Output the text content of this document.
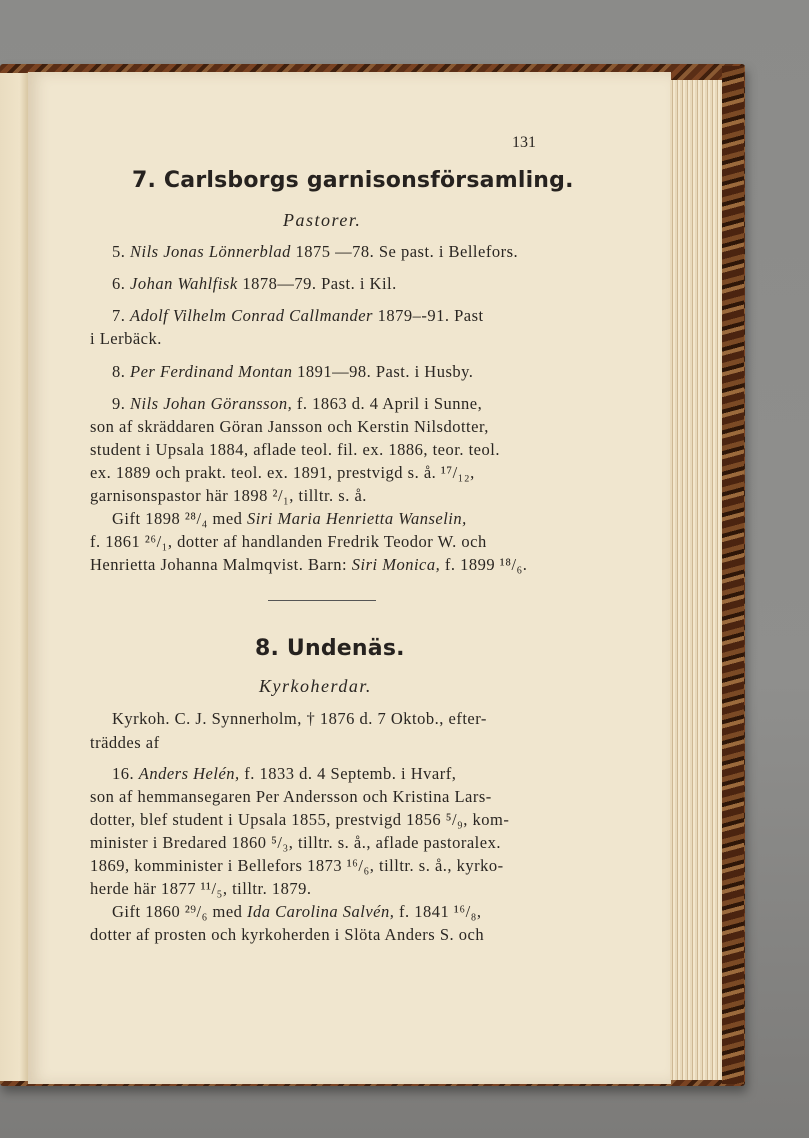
131
7. Carlsborgs garnisonsförsamling.
Pastorer.
5. Nils Jonas Lönnerblad 1875 —78. Se past. i Bellefors.
6. Johan Wahlfisk 1878—79. Past. i Kil.
7. Adolf Vilhelm Conrad Callmander 1879–-91. Past
i Lerbäck.
8. Per Ferdinand Montan 1891—98. Past. i Husby.
9. Nils Johan Göransson, f. 1863 d. 4 April i Sunne,
son af skräddaren Göran Jansson och Kerstin Nilsdotter,
student i Upsala 1884, aflade teol. fil. ex. 1886, teor. teol.
ex. 1889 och prakt. teol. ex. 1891, prestvigd s. å. ¹⁷/₁₂,
garnisonspastor här 1898 ²/₁, tilltr. s. å.
Gift 1898 ²⁸/₄ med Siri Maria Henrietta Wanselin,
f. 1861 ²⁶/₁, dotter af handlanden Fredrik Teodor W. och
Henrietta Johanna Malmqvist. Barn: Siri Monica, f. 1899 ¹⁸/₆.
8. Undenäs.
Kyrkoherdar.
Kyrkoh. C. J. Synnerholm, † 1876 d. 7 Oktob., efter-
träddes af
16. Anders Helén, f. 1833 d. 4 Septemb. i Hvarf,
son af hemmansegaren Per Andersson och Kristina Lars-
dotter, blef student i Upsala 1855, prestvigd 1856 ⁵/₉, kom-
minister i Bredared 1860 ⁵/₃, tilltr. s. å., aflade pastoralex.
1869, komminister i Bellefors 1873 ¹⁶/₆, tilltr. s. å., kyrko-
herde här 1877 ¹¹/₅, tilltr. 1879.
Gift 1860 ²⁹/₆ med Ida Carolina Salvén, f. 1841 ¹⁶/₈,
dotter af prosten och kyrkoherden i Slöta Anders S. och
